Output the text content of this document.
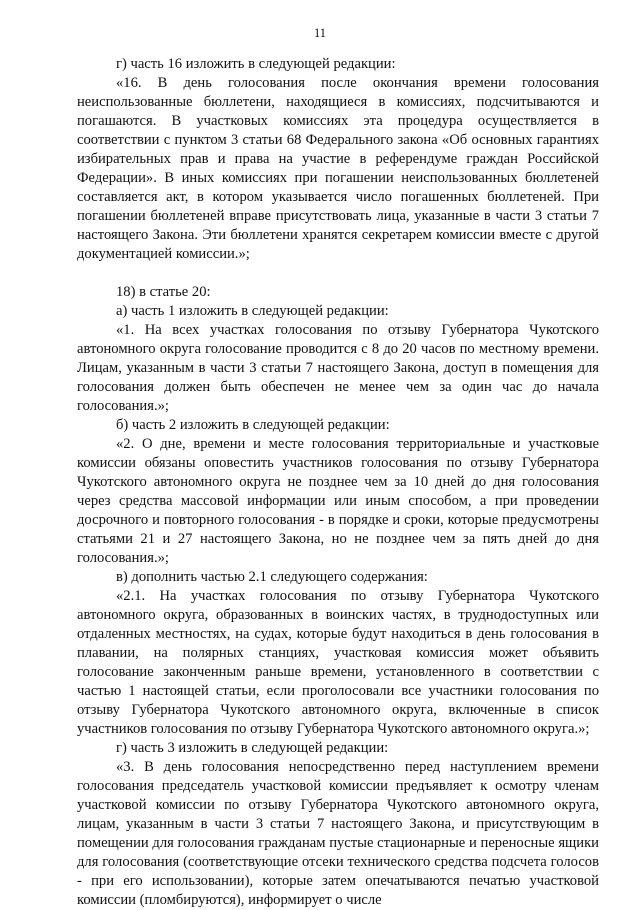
11

г) часть 16 изложить в следующей редакции:

«16. В день голосования после окончания времени голосования неиспользованные бюллетени, находящиеся в комиссиях, подсчитываются и погашаются. В участковых комиссиях эта процедура осуществляется в соответствии с пунктом 3 статьи 68 Федерального закона «Об основных гарантиях избирательных прав и права на участие в референдуме граждан Российской Федерации». В иных комиссиях при погашении неиспользованных бюллетеней составляется акт, в котором указывается число погашенных бюллетеней. При погашении бюллетеней вправе присутствовать лица, указанные в части 3 статьи 7 настоящего Закона. Эти бюллетени хранятся секретарем комиссии вместе с другой документацией комиссии.»;

18) в статье 20:

а) часть 1 изложить в следующей редакции:

«1. На всех участках голосования по отзыву Губернатора Чукотского автономного округа голосование проводится с 8 до 20 часов по местному времени. Лицам, указанным в части 3 статьи 7 настоящего Закона, доступ в помещения для голосования должен быть обеспечен не менее чем за один час до начала голосования.»;

б) часть 2 изложить в следующей редакции:

«2. О дне, времени и месте голосования территориальные и участковые комиссии обязаны оповестить участников голосования по отзыву Губернатора Чукотского автономного округа не позднее чем за 10 дней до дня голосования через средства массовой информации или иным способом, а при проведении досрочного и повторного голосования - в порядке и сроки, которые предусмотрены статьями 21 и 27 настоящего Закона, но не позднее чем за пять дней до дня голосования.»;

в) дополнить частью 2.1 следующего содержания:

«2.1. На участках голосования по отзыву Губернатора Чукотского автономного округа, образованных в воинских частях, в труднодоступных или отдаленных местностях, на судах, которые будут находиться в день голосования в плавании, на полярных станциях, участковая комиссия может объявить голосование законченным раньше времени, установленного в соответствии с частью 1 настоящей статьи, если проголосовали все участники голосования по отзыву Губернатора Чукотского автономного округа, включенные в список участников голосования по отзыву Губернатора Чукотского автономного округа.»;

г) часть 3 изложить в следующей редакции:

«3. В день голосования непосредственно перед наступлением времени голосования председатель участковой комиссии предъявляет к осмотру членам участковой комиссии по отзыву Губернатора Чукотского автономного округа, лицам, указанным в части 3 статьи 7 настоящего Закона, и присутствующим в помещении для голосования гражданам пустые стационарные и переносные ящики для голосования (соответствующие отсеки технического средства подсчета голосов - при его использовании), которые затем опечатываются печатью участковой комиссии (пломбируются), информирует о числе
